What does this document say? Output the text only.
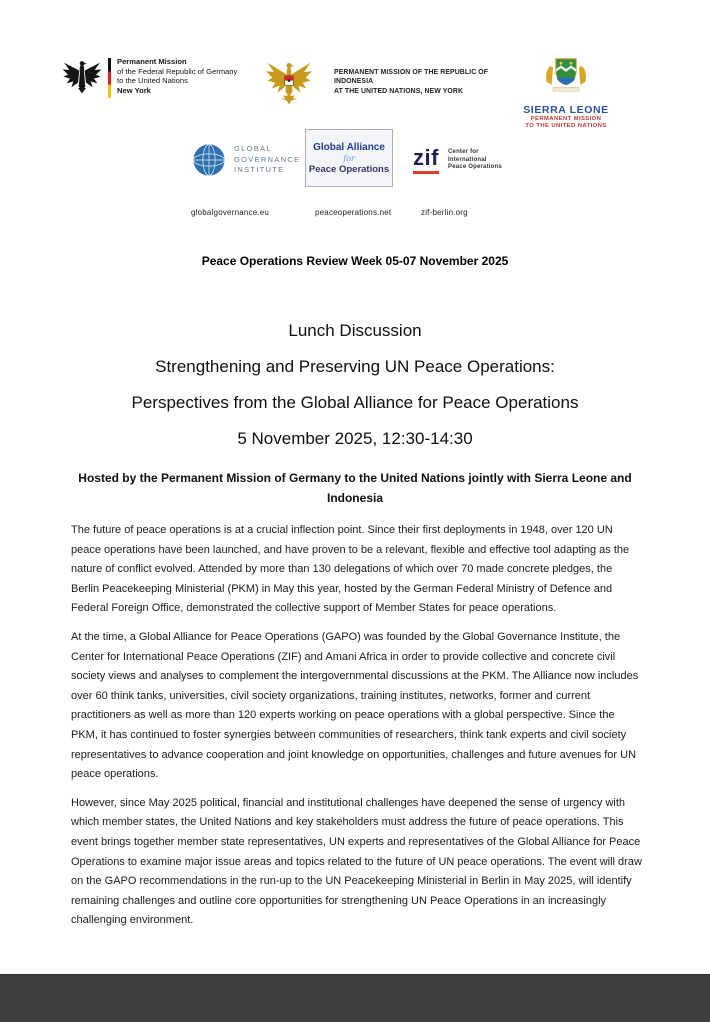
Permanent Mission
of the Federal Republic of Germany
to the United Nations
New York
PERMANENT MISSION OF THE REPUBLIC OF
INDONESIA
AT THE UNITED NATIONS, NEW YORK
SIERRA LEONE
PERMANENT MISSION
TO THE UNITED NATIONS
GLOBAL
GOVERNANCE
INSTITUTE
Global Alliance
for
Peace Operations zif Center for
International
Peace Operations
globalgovernance.eu	peaceoperations.net	zif-berlin.org
Peace Operations Review Week 05-07 November 2025
Lunch Discussion
Strengthening and Preserving UN Peace Operations:
Perspectives from the Global Alliance for Peace Operations
5 November 2025, 12:30-14:30
Hosted by the Permanent Mission of Germany to the United Nations jointly with Sierra Leone and Indonesia

The future of peace operations is at a crucial inflection point. Since their first deployments in 1948, over 120 UN peace operations have been launched, and have proven to be a relevant, flexible and effective tool adapting as the nature of conflict evolved. Attended by more than 130 delegations of which over 70 made concrete pledges, the Berlin Peacekeeping Ministerial (PKM) in May this year, hosted by the German Federal Ministry of Defence and Federal Foreign Office, demonstrated the collective support of Member States for peace operations.

At the time, a Global Alliance for Peace Operations (GAPO) was founded by the Global Governance Institute, the Center for International Peace Operations (ZIF) and Amani Africa in order to provide collective and concrete civil society views and analyses to complement the intergovernmental discussions at the PKM. The Alliance now includes over 60 think tanks, universities, civil society organizations, training institutes, networks, former and current practitioners as well as more than 120 experts working on peace operations with a global perspective. Since the PKM, it has continued to foster synergies between communities of researchers, think tank experts and civil society representatives to advance cooperation and joint knowledge on opportunities, challenges and future avenues for UN peace operations.

However, since May 2025 political, financial and institutional challenges have deepened the sense of urgency with which member states, the United Nations and key stakeholders must address the future of peace operations. This event brings together member state representatives, UN experts and representatives of the Global Alliance for Peace Operations to examine major issue areas and topics related to the future of UN peace operations. The event will draw on the GAPO recommendations in the run-up to the UN Peacekeeping Ministerial in Berlin in May 2025, will identify remaining challenges and outline core opportunities for strengthening UN Peace Operations in an increasingly challenging environment.
